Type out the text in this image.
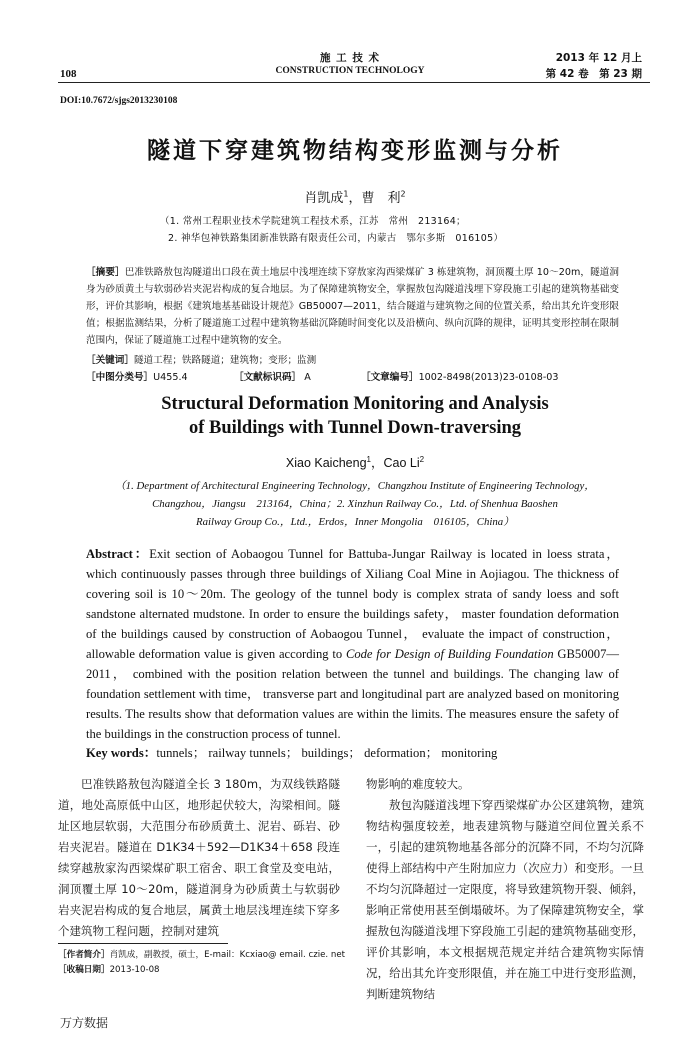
108
施 工 技 术
CONSTRUCTION TECHNOLOGY
2013 年 12 月上
第 42 卷　第 23 期
DOI:10.7672/sjgs2013230108
隧道下穿建筑物结构变形监测与分析
肖凯成$^1$，曹　利$^2$
（1. 常州工程职业技术学院建筑工程技术系，江苏　常州　213164；
2. 神华包神铁路集团新准铁路有限责任公司，内蒙古　鄂尔多斯　016105）
［摘要］巴准铁路敖包沟隧道出口段在黄土地层中浅埋连续下穿敖家沟西梁煤矿 3 栋建筑物，洞顶覆土厚 10～20m，隧道洞身为砂质黄土与软弱砂岩夹泥岩构成的复合地层。为了保障建筑物安全，掌握敖包沟隧道浅埋下穿段施工引起的建筑物基础变形，评价其影响，根据《建筑地基基础设计规范》GB50007—2011，结合隧道与建筑物之间的位置关系，给出其允许变形限值；根据监测结果，分析了隧道施工过程中建筑物基础沉降随时间变化以及沿横向、纵向沉降的规律，证明其变形控制在限制范围内，保证了隧道施工过程中建筑物的安全。
［关键词］隧道工程；铁路隧道；建筑物；变形；监测
［中图分类号］U455.4	［文献标识码］ A	［文章编号］1002-8498(2013)23-0108-03
Structural Deformation Monitoring and Analysis
of Buildings with Tunnel Down-traversing
Xiao Kaicheng$^1$，Cao Li$^2$
（1. Department of Architectural Engineering Technology，Changzhou Institute of Engineering Technology，
Changzhou，Jiangsu　213164，China；2. Xinzhun Railway Co.，Ltd. of Shenhua Baoshen
Railway Group Co.，Ltd.，Erdos，Inner Mongolia　016105，China）
Abstract：Exit section of Aobaogou Tunnel for Battuba-Jungar Railway is located in loess strata， which continuously passes through three buildings of Xiliang Coal Mine in Aojiagou. The thickness of covering soil is 10～20m. The geology of the tunnel body is complex strata of sandy loess and soft sandstone alternated mudstone. In order to ensure the buildings safety， master foundation deformation of the buildings caused by construction of Aobaogou Tunnel， evaluate the impact of construction， allowable deformation value is given according to Code for Design of Building Foundation GB50007—2011， combined with the position relation between the tunnel and buildings. The changing law of foundation settlement with time， transverse part and longitudinal part are analyzed based on monitoring results. The results show that deformation values are within the limits. The measures ensure the safety of the buildings in the construction process of tunnel.
Key words：tunnels； railway tunnels； buildings； deformation； monitoring

巴准铁路敖包沟隧道全长 3 180m，为双线铁路隧道，地处高原低中山区，地形起伏较大，沟梁相间。隧址区地层软弱，大范围分布砂质黄土、泥岩、砾岩、砂岩夹泥岩。隧道在 D1K34＋592—D1K34＋658 段连续穿越敖家沟西梁煤矿职工宿舍、职工食堂及变电站，洞顶覆土厚 10～20m，隧道洞身为砂质黄土与软弱砂岩夹泥岩构成的复合地层，属黄土地层浅埋连续下穿多个建筑物工程问题，控制对建筑

［作者简介］肖凯成，副教授，硕士，E-mail：Kcxiao@ email. czie. net
［收稿日期］2013-10-08

物影响的难度较大。

敖包沟隧道浅埋下穿西梁煤矿办公区建筑物，建筑物结构强度较差，地表建筑物与隧道空间位置关系不一，引起的建筑物地基各部分的沉降不同，不均匀沉降使得上部结构中产生附加应力（次应力）和变形。一旦不均匀沉降超过一定限度，将导致建筑物开裂、倾斜，影响正常使用甚至倒塌破坏。为了保障建筑物安全，掌握敖包沟隧道浅埋下穿段施工引起的建筑物基础变形，评价其影响，本文根据规范规定并结合建筑物实际情况，给出其允许变形限值，并在施工中进行变形监测，判断建筑物结

万方数据
